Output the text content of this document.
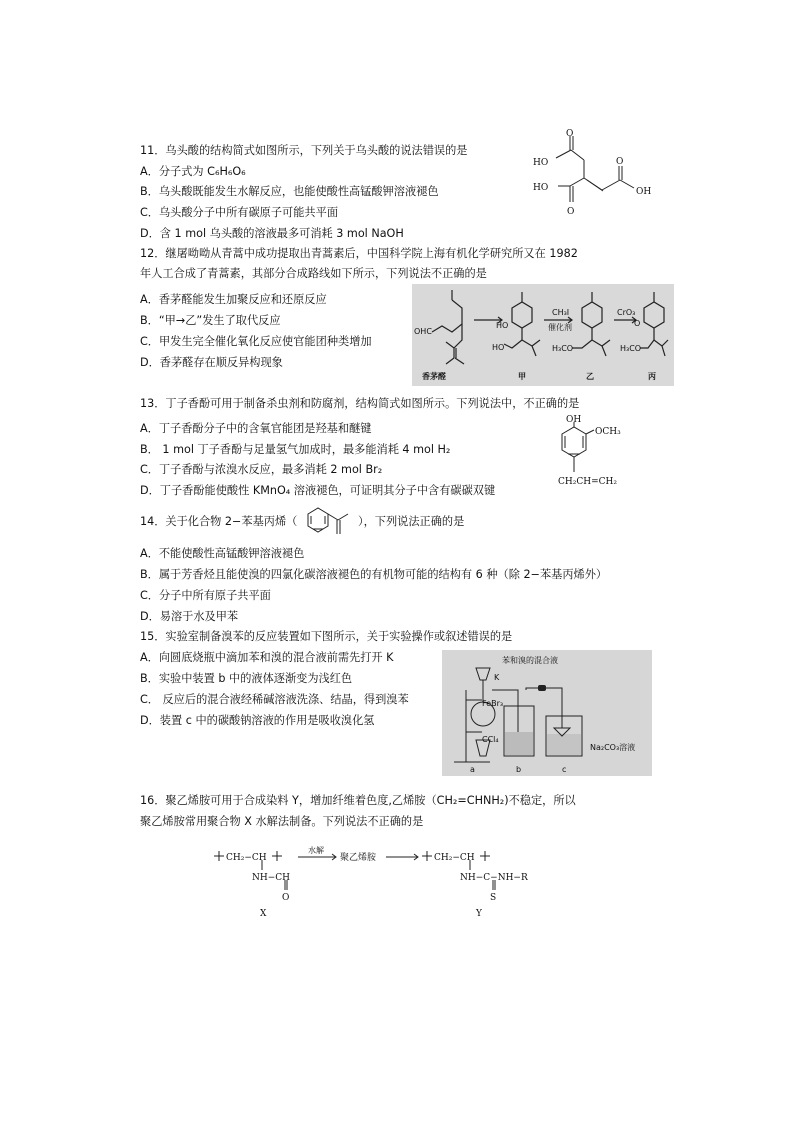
11．乌头酸的结构简式如图所示，下列关于乌头酸的说法错误的是
A．分子式为 C₆H₆O₆
B．乌头酸既能发生水解反应，也能使酸性高锰酸钾溶液褪色
C．乌头酸分子中所有碳原子可能共平面
D．含 1 mol 乌头酸的溶液最多可消耗 3 mol NaOH
O
HO
HO
O
OH
O
12．继屠呦呦从青蒿中成功提取出青蒿素后，中国科学院上海有机化学研究所又在 1982
年人工合成了青蒿素，其部分合成路线如下所示，下列说法不正确的是
A．香茅醛能发生加聚反应和还原反应
B．“甲→乙”发生了取代反应
C．甲发生完全催化氧化反应使官能团种类增加
D．香茅醛存在顺反异构现象
OHC
HO
HO
CH₃I
催化剂
CrO₃
O
H₃CO	H₃CO
香茅醛	甲	乙	丙
13．丁子香酚可用于制备杀虫剂和防腐剂，结构简式如图所示。下列说法中，不正确的是
A．丁子香酚分子中的含氧官能团是羟基和醚键
B． 1 mol 丁子香酚与足量氢气加成时，最多能消耗 4 mol H₂
C．丁子香酚与浓溴水反应，最多消耗 2 mol Br₂
D．丁子香酚能使酸性 KMnO₄ 溶液褪色，可证明其分子中含有碳碳双键
OH
OCH₃
CH₂CH=CH₂
14．关于化合物 2−苯基丙烯（	），下列说法正确的是
A．不能使酸性高锰酸钾溶液褪色
B．属于芳香烃且能使溴的四氯化碳溶液褪色的有机物可能的结构有 6 种（除 2−苯基丙烯外）
C．分子中所有原子共平面
D．易溶于水及甲苯
15．实验室制备溴苯的反应装置如下图所示，关于实验操作或叙述错误的是
A．向圆底烧瓶中滴加苯和溴的混合液前需先打开 K
B．实验中装置 b 中的液体逐渐变为浅红色
C． 反应后的混合液经稀碱溶液洗涤、结晶，得到溴苯
D．装置 c 中的碳酸钠溶液的作用是吸收溴化氢
苯和溴的混合液
K
FeBr₃
CCl₄
Na₂CO₃溶液
a	b	c
16．聚乙烯胺可用于合成染料 Y，增加纤维着色度,乙烯胺（CH₂=CHNH₂)不稳定，所以
聚乙烯胺常用聚合物 X 水解法制备。下列说法不正确的是
CH₂−CH
NH−CH
O
X
水解
聚乙烯胺	CH₂−CH
NH−C−NH−R
S
Y
